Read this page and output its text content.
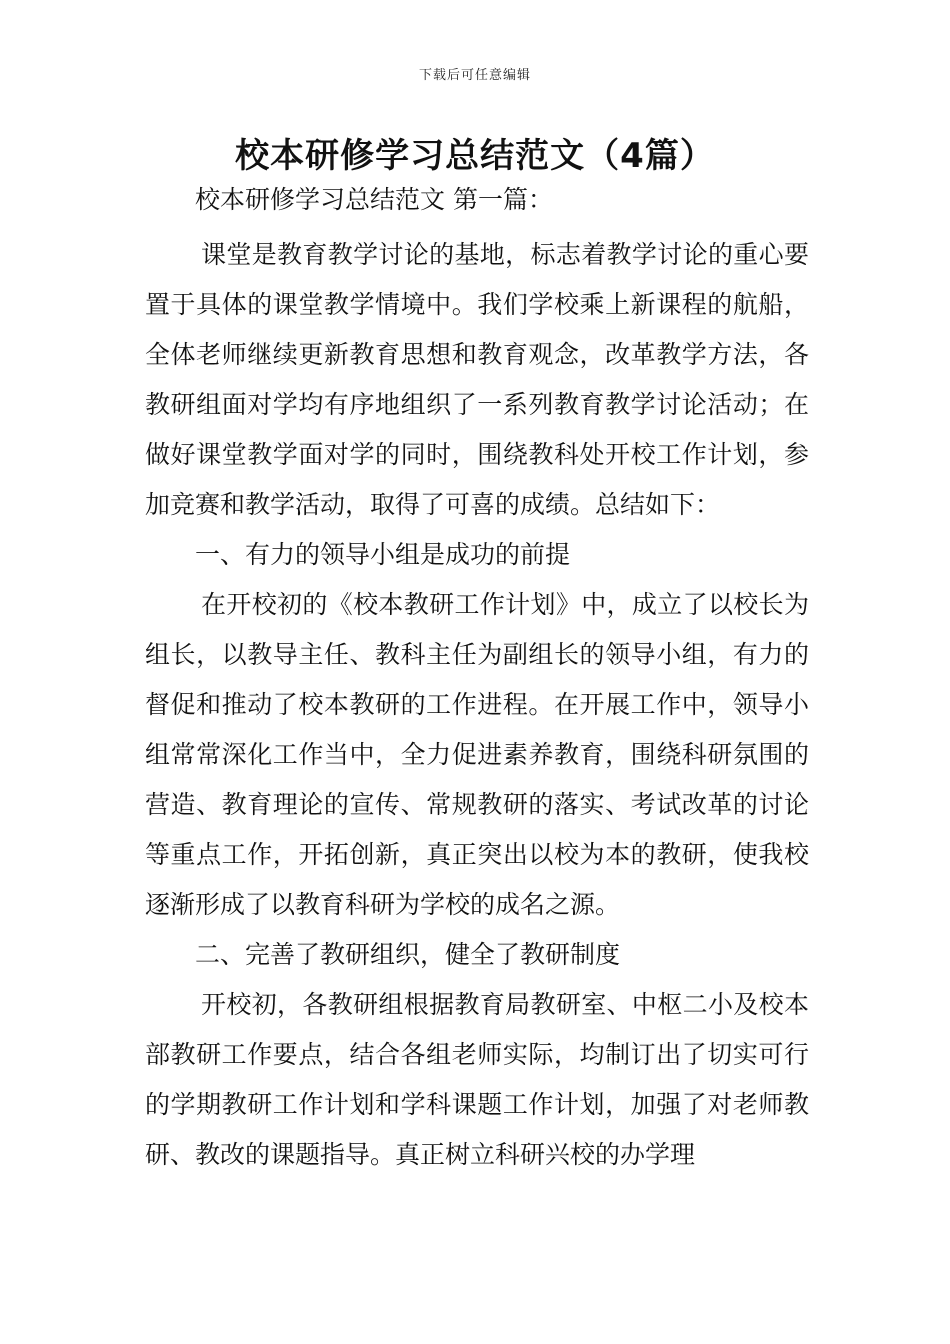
下载后可任意编辑
校本研修学习总结范文（4篇）

校本研修学习总结范文 第一篇：

课堂是教育教学讨论的基地，标志着教学讨论的重心要置于具体的课堂教学情境中。我们学校乘上新课程的航船，全体老师继续更新教育思想和教育观念，改革教学方法，各教研组面对学均有序地组织了一系列教育教学讨论活动；在做好课堂教学面对学的同时，围绕教科处开校工作计划，参加竞赛和教学活动，取得了可喜的成绩。总结如下：

一、有力的领导小组是成功的前提

在开校初的《校本教研工作计划》中，成立了以校长为组长，以教导主任、教科主任为副组长的领导小组，有力的督促和推动了校本教研的工作进程。在开展工作中，领导小组常常深化工作当中，全力促进素养教育，围绕科研氛围的营造、教育理论的宣传、常规教研的落实、考试改革的讨论等重点工作，开拓创新，真正突出以校为本的教研，使我校逐渐形成了以教育科研为学校的成名之源。

二、完善了教研组织，健全了教研制度

开校初，各教研组根据教育局教研室、中枢二小及校本部教研工作要点，结合各组老师实际，均制订出了切实可行的学期教研工作计划和学科课题工作计划，加强了对老师教研、教改的课题指导。真正树立科研兴校的办学理
